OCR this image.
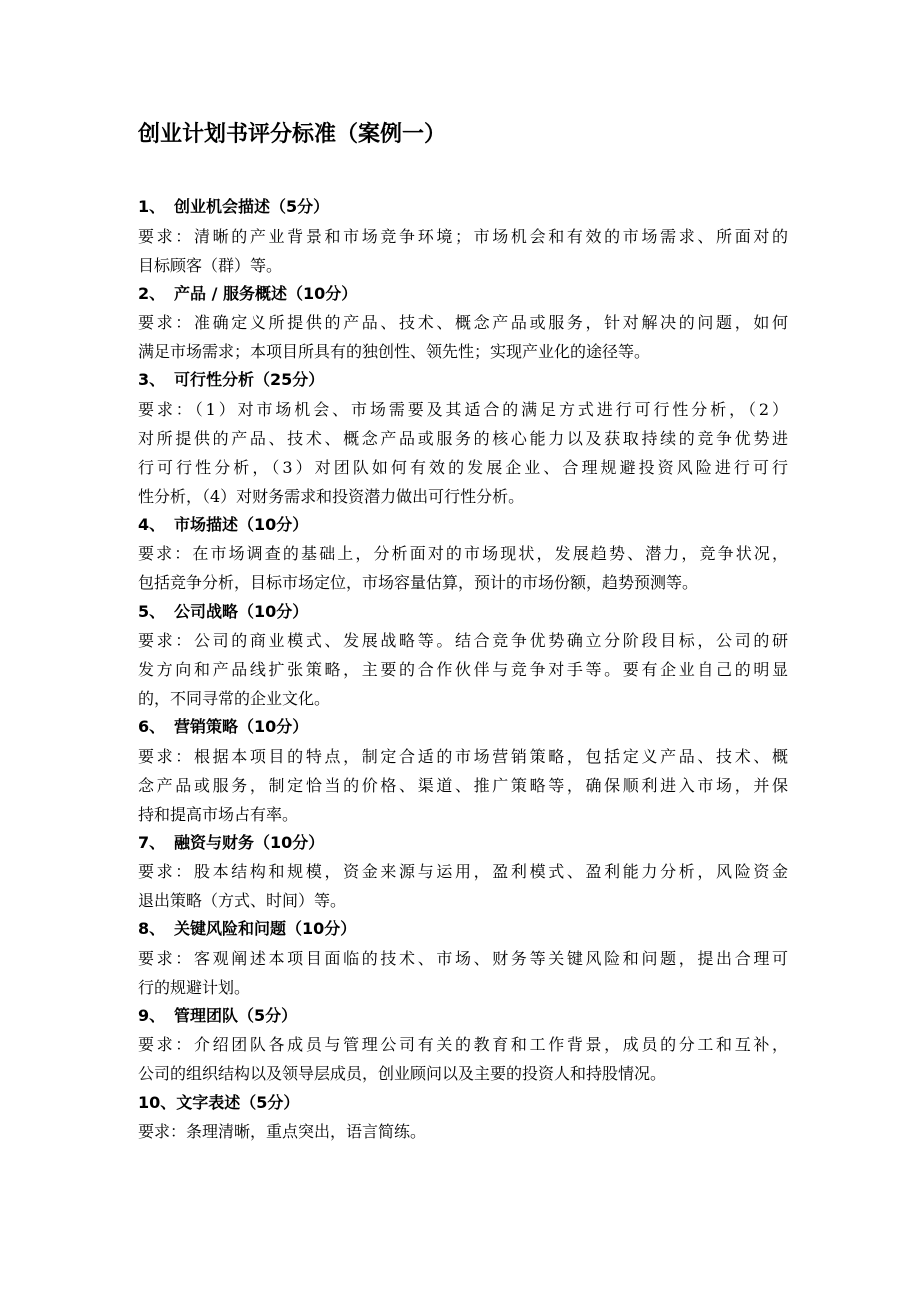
创业计划书评分标准（案例一）
1、 创业机会描述（5分）
要求：清晰的产业背景和市场竞争环境；市场机会和有效的市场需求、所面对的
目标顾客（群）等。
2、 产品 / 服务概述（10分）
要求：准确定义所提供的产品、技术、概念产品或服务，针对解决的问题，如何
满足市场需求；本项目所具有的独创性、领先性；实现产业化的途径等。
3、 可行性分析（25分）
要求：（1）对市场机会、市场需要及其适合的满足方式进行可行性分析，（2）
对所提供的产品、技术、概念产品或服务的核心能力以及获取持续的竞争优势进
行可行性分析，（3）对团队如何有效的发展企业、合理规避投资风险进行可行
性分析，（4）对财务需求和投资潜力做出可行性分析。
4、 市场描述（10分）
要求：在市场调查的基础上，分析面对的市场现状，发展趋势、潜力，竞争状况，
包括竞争分析，目标市场定位，市场容量估算，预计的市场份额，趋势预测等。
5、 公司战略（10分）
要求：公司的商业模式、发展战略等。结合竞争优势确立分阶段目标，公司的研
发方向和产品线扩张策略，主要的合作伙伴与竞争对手等。要有企业自己的明显
的，不同寻常的企业文化。
6、 营销策略（10分）
要求：根据本项目的特点，制定合适的市场营销策略，包括定义产品、技术、概
念产品或服务，制定恰当的价格、渠道、推广策略等，确保顺利进入市场，并保
持和提高市场占有率。
7、 融资与财务（10分）
要求：股本结构和规模，资金来源与运用，盈利模式、盈利能力分析，风险资金
退出策略（方式、时间）等。
8、 关键风险和问题（10分）
要求：客观阐述本项目面临的技术、市场、财务等关键风险和问题，提出合理可
行的规避计划。
9、 管理团队（5分）
要求：介绍团队各成员与管理公司有关的教育和工作背景，成员的分工和互补，
公司的组织结构以及领导层成员，创业顾问以及主要的投资人和持股情况。
10、 文字表述（5分）
要求：条理清晰，重点突出，语言简练。
